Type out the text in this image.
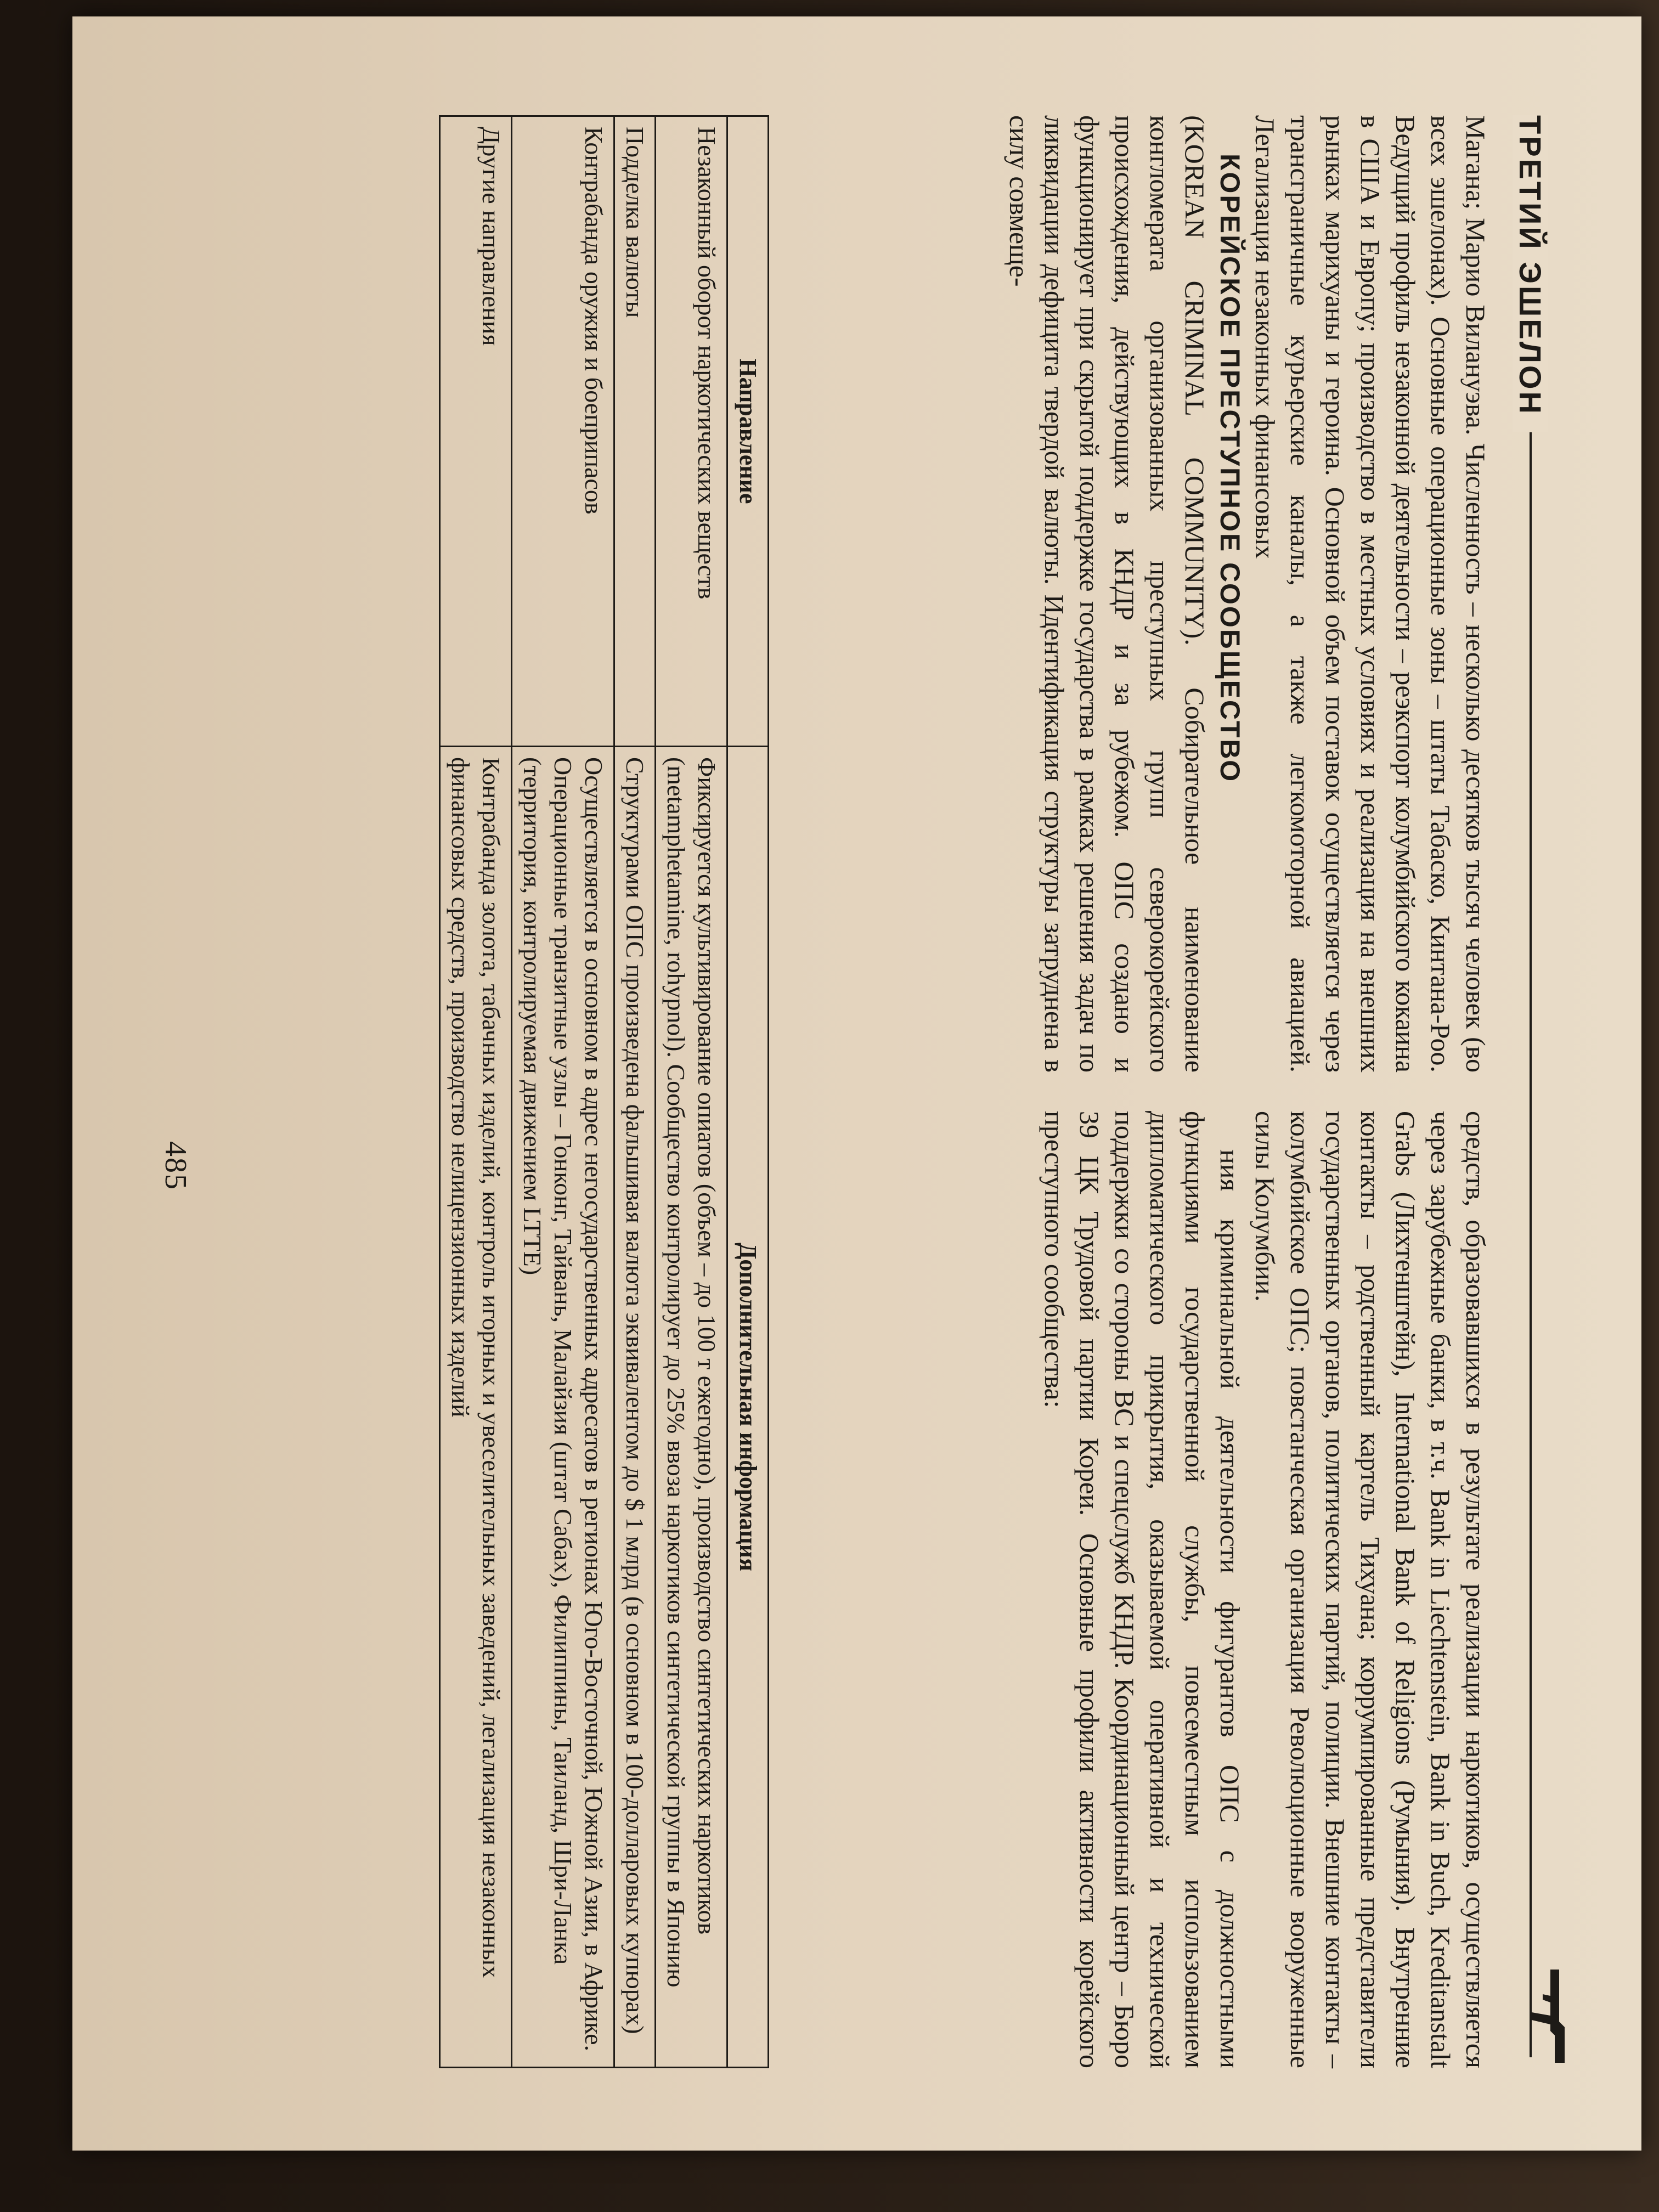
ТРЕТИЙ ЭШЕЛОН

Магана; Марио Вилануэва. Численность – несколько десятков тысяч человек (во всех эшелонах). Основные операционные зоны – штаты Табаско, Кинтана-Роо. Ведущий профиль незаконной деятельности – реэкспорт колумбийского кокаина в США и Европу; производство в местных условиях и реализация на внешних рынках марихуаны и героина. Основной объем поставок осуществляется через трансграничные курьерские каналы, а также легкомоторной авиацией. Легализация незаконных финансовых

КОРЕЙСКОЕ ПРЕСТУПНОЕ СООБЩЕСТВО

(KOREAN CRIMINAL COMMUNITY). Собирательное наименование конгломерата организованных преступных групп северокорейского происхождения, действующих в КНДР и за рубежом. ОПС создано и функционирует при скрытой поддержке государства в рамках решения задач по ликвидации дефицита твердой валюты. Идентификация структуры затруднена в силу совмеще-

средств, образовавшихся в результате реализации наркотиков, осуществляется через зарубежные банки, в т.ч. Bank in Liechtenstein, Bank in Buch, Kreditanstalt Grabs (Лихтенштейн), International Bank of Religions (Румыния). Внутренние контакты – родственный картель Тихуана; коррумпированные представители государственных органов, политических партий, полиции. Внешние контакты – колумбийское ОПС; повстанческая организация Революционные вооруженные силы Колумбии.

ния криминальной деятельности фигурантов ОПС с должностными функциями государственной службы, повсеместным использованием дипломатического прикрытия, оказываемой оперативной и технической поддержки со стороны ВС и спецслужб КНДР. Координационный центр – Бюро 39 ЦК Трудовой партии Кореи. Основные профили активности корейского преступного сообщества:

Направление	Дополнительная информация
Незаконный оборот наркотических веществ	Фиксируется культивирование опиатов (объем – до 100 т ежегодно), производство синтетических наркотиков (metamphetamine, rohypnol). Сообщество контролирует до 25% ввоза наркотиков синтетической группы в Японию
Подделка валюты	Структурами ОПС произведена фальшивая валюта эквивалентом до $ 1 млрд (в основном в 100-долларовых купюрах)
Контрабанда оружия и боеприпасов	Осуществляется в основном в адрес негосударственных адресатов в регионах Юго-Восточной, Южной Азии, в Африке. Операционные транзитные узлы – Гонконг, Тайвань, Малайзия (штат Сабах), Филиппины, Таиланд, Шри-Ланка (территория, контролируемая движением LTTE)
Другие направления	Контрабанда золота, табачных изделий, контроль игорных и увеселительных заведений, легализация незаконных финансовых средств, производство нелицензионных изделий
485
